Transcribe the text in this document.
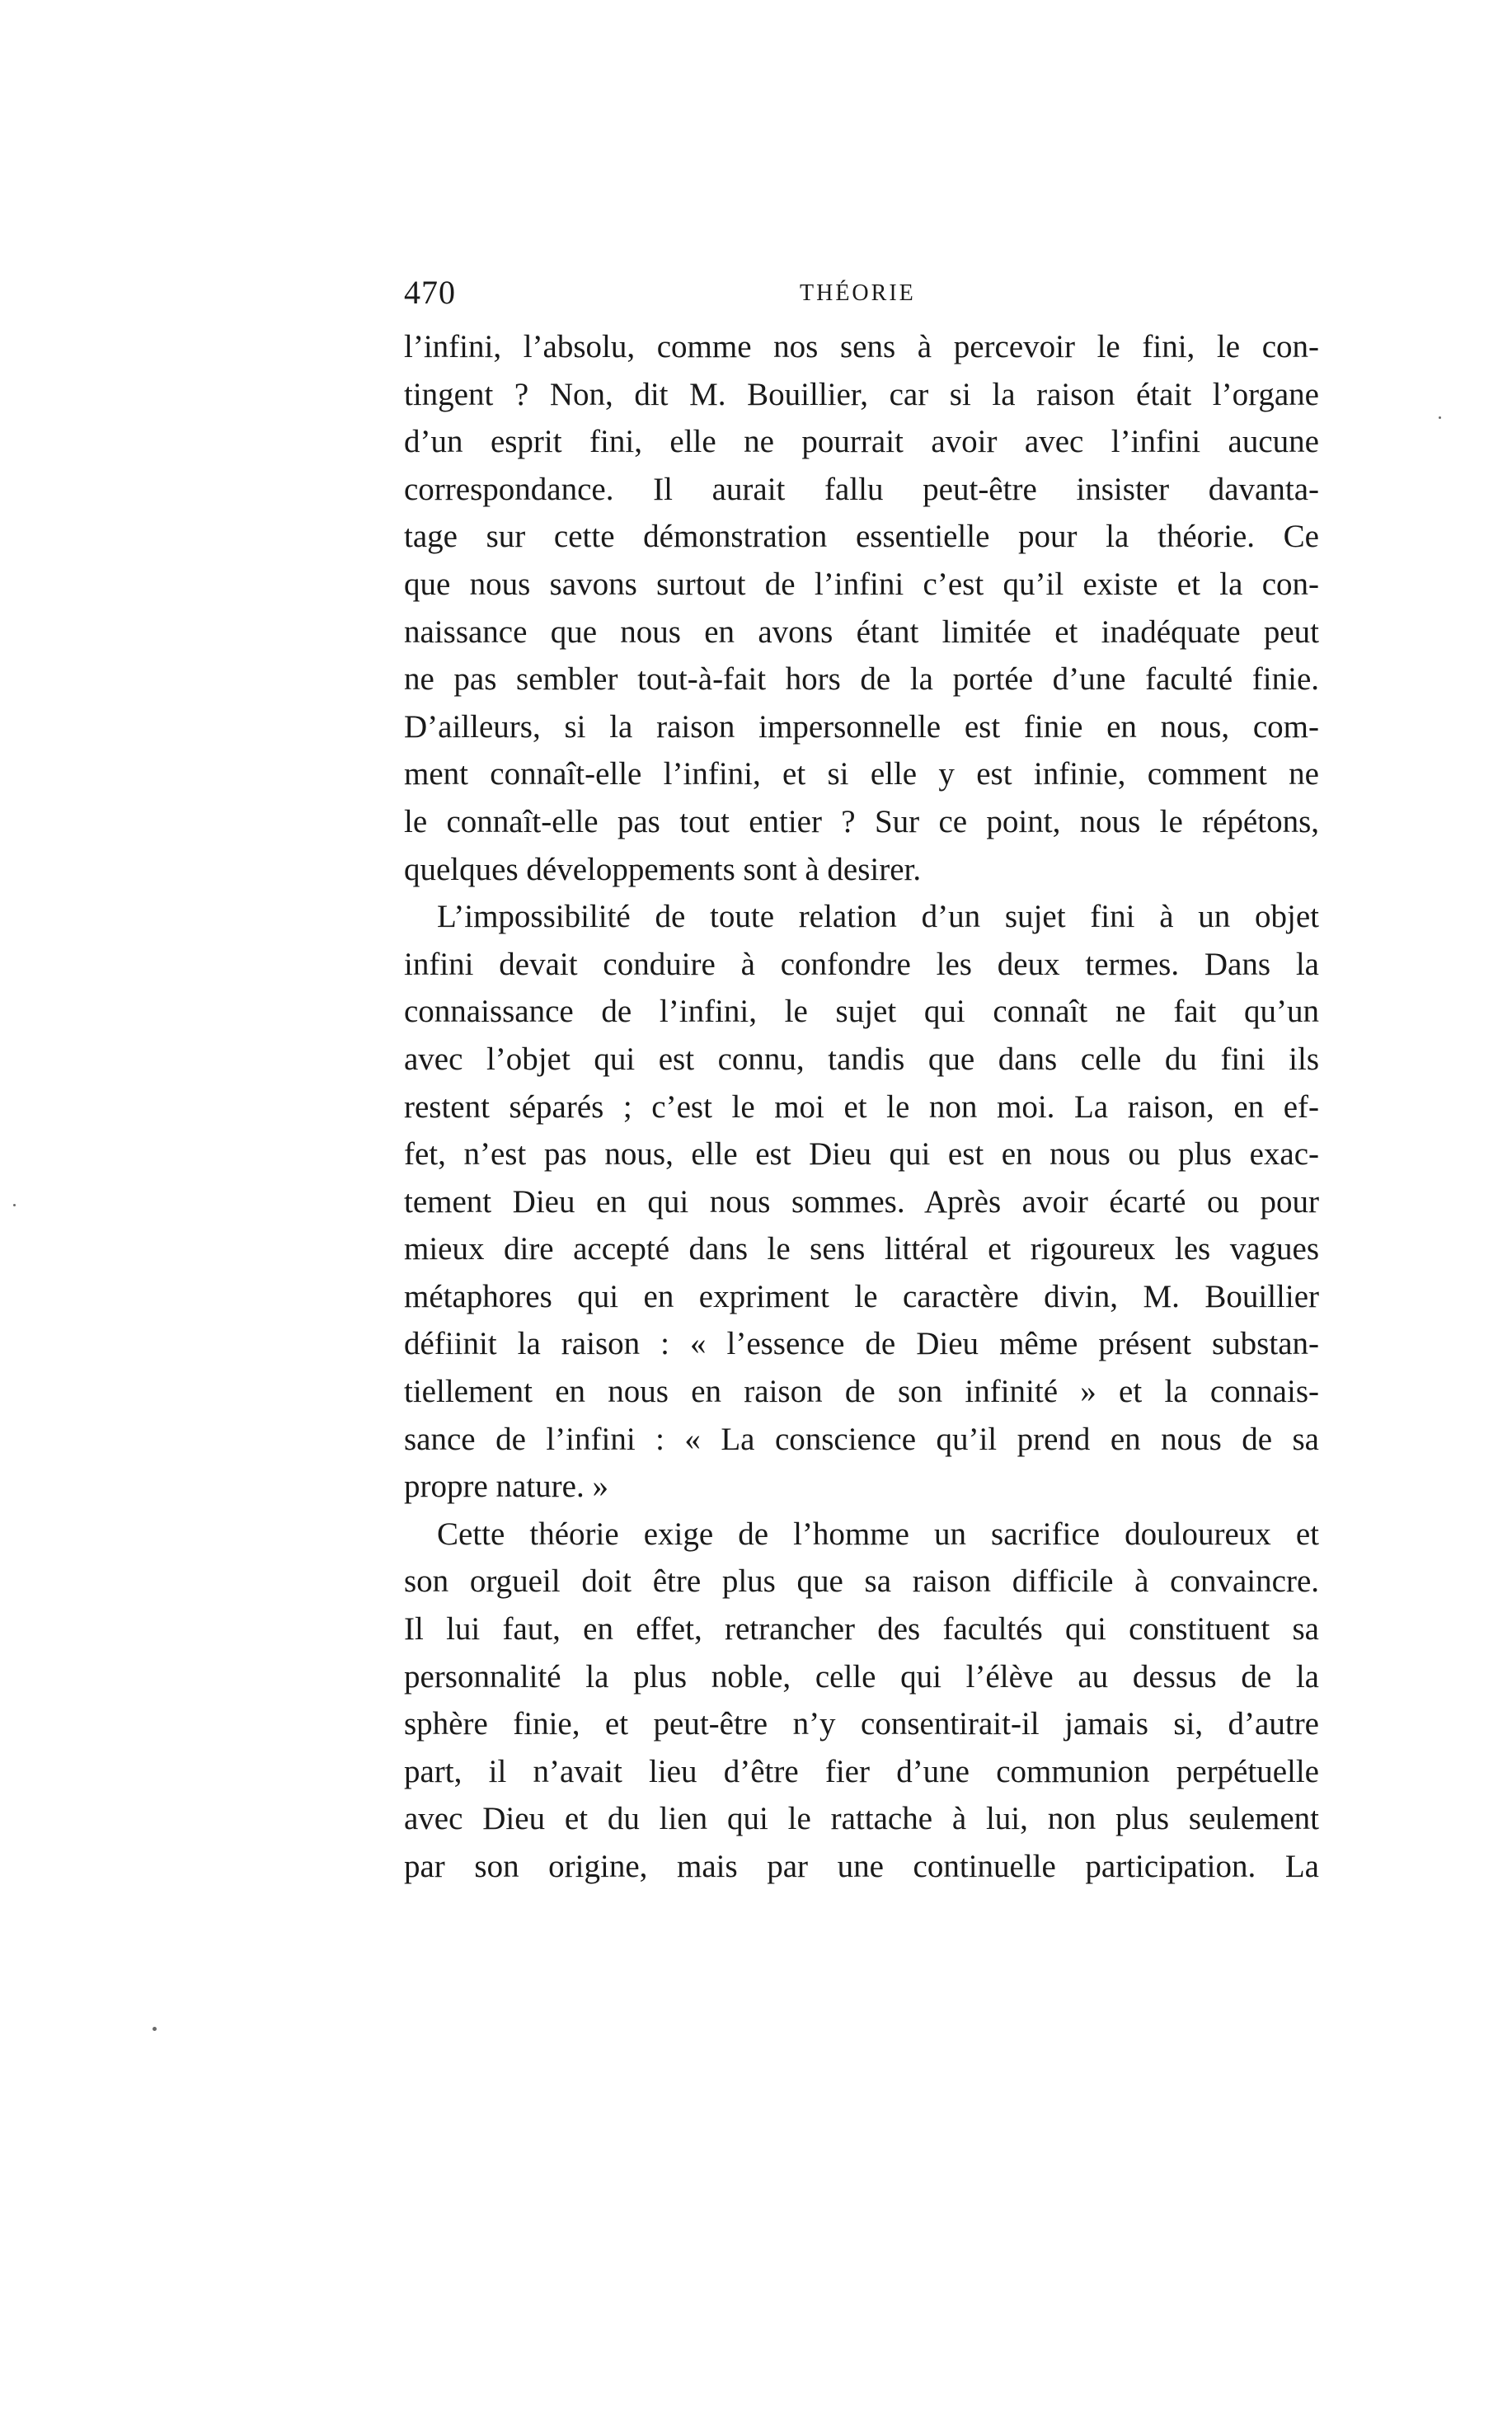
470	THÉORIE
l’infini, l’absolu, comme nos sens à percevoir le fini, le con-
tingent ? Non, dit M. Bouillier, car si la raison était l’organe
d’un esprit fini, elle ne pourrait avoir avec l’infini aucune
correspondance. Il aurait fallu peut-être insister davanta-
tage sur cette démonstration essentielle pour la théorie. Ce
que nous savons surtout de l’infini c’est qu’il existe et la con-
naissance que nous en avons étant limitée et inadéquate peut
ne pas sembler tout-à-fait hors de la portée d’une faculté finie.
D’ailleurs, si la raison impersonnelle est finie en nous, com-
ment connaît-elle l’infini, et si elle y est infinie, comment ne
le connaît-elle pas tout entier ? Sur ce point, nous le répétons,
quelques développements sont à desirer.
L’impossibilité de toute relation d’un sujet fini à un objet
infini devait conduire à confondre les deux termes. Dans la
connaissance de l’infini, le sujet qui connaît ne fait qu’un
avec l’objet qui est connu, tandis que dans celle du fini ils
restent séparés ; c’est le moi et le non moi. La raison, en ef-
fet, n’est pas nous, elle est Dieu qui est en nous ou plus exac-
tement Dieu en qui nous sommes. Après avoir écarté ou pour
mieux dire accepté dans le sens littéral et rigoureux les vagues
métaphores qui en expriment le caractère divin, M. Bouillier
défiinit la raison : « l’essence de Dieu même présent substan-
tiellement en nous en raison de son infinité » et la connais-
sance de l’infini : « La conscience qu’il prend en nous de sa
propre nature. »
Cette théorie exige de l’homme un sacrifice douloureux et
son orgueil doit être plus que sa raison difficile à convaincre.
Il lui faut, en effet, retrancher des facultés qui constituent sa
personnalité la plus noble, celle qui l’élève au dessus de la
sphère finie, et peut-être n’y consentirait-il jamais si, d’autre
part, il n’avait lieu d’être fier d’une communion perpétuelle
avec Dieu et du lien qui le rattache à lui, non plus seulement
par son origine, mais par une continuelle participation. La
